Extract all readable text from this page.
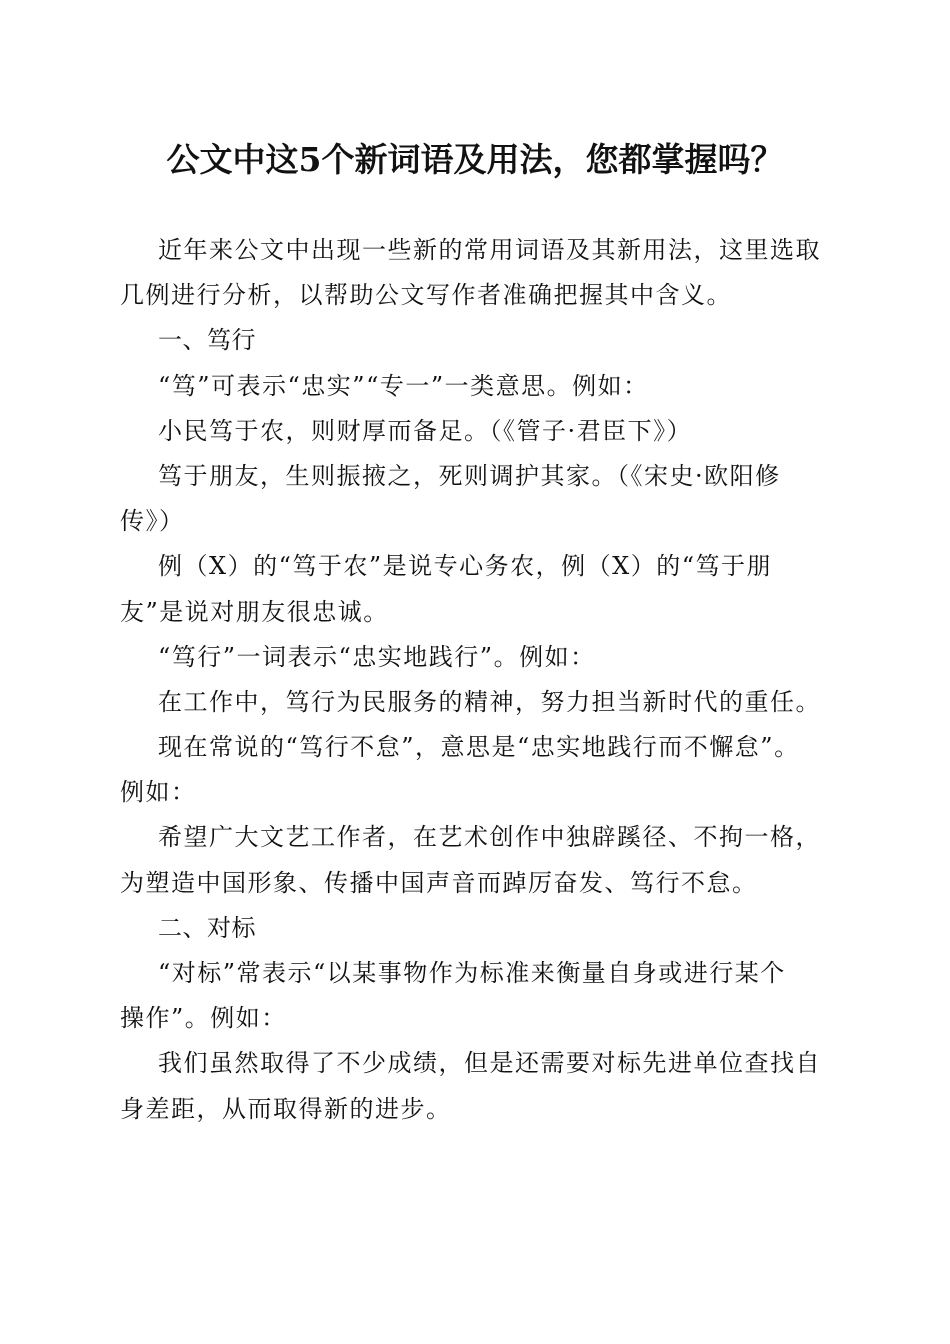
公文中这5个新词语及用法，您都掌握吗？
近年来公文中出现一些新的常用词语及其新用法，这里选取
几例进行分析，以帮助公文写作者准确把握其中含义。
一、笃行
“笃”可表示“忠实”“专一”一类意思。例如：
小民笃于农，则财厚而备足。（《管子·君臣下》）
笃于朋友，生则振掖之，死则调护其家。（《宋史·欧阳修
传》）
例（X）的“笃于农”是说专心务农，例（X）的“笃于朋
友”是说对朋友很忠诚。
“笃行”一词表示“忠实地践行”。例如：
在工作中，笃行为民服务的精神，努力担当新时代的重任。
现在常说的“笃行不怠”，意思是“忠实地践行而不懈怠”。
例如：
希望广大文艺工作者，在艺术创作中独辟蹊径、不拘一格，
为塑造中国形象、传播中国声音而踔厉奋发、笃行不怠。
二、对标
“对标”常表示“以某事物作为标准来衡量自身或进行某个
操作”。例如：
我们虽然取得了不少成绩，但是还需要对标先进单位查找自
身差距，从而取得新的进步。
